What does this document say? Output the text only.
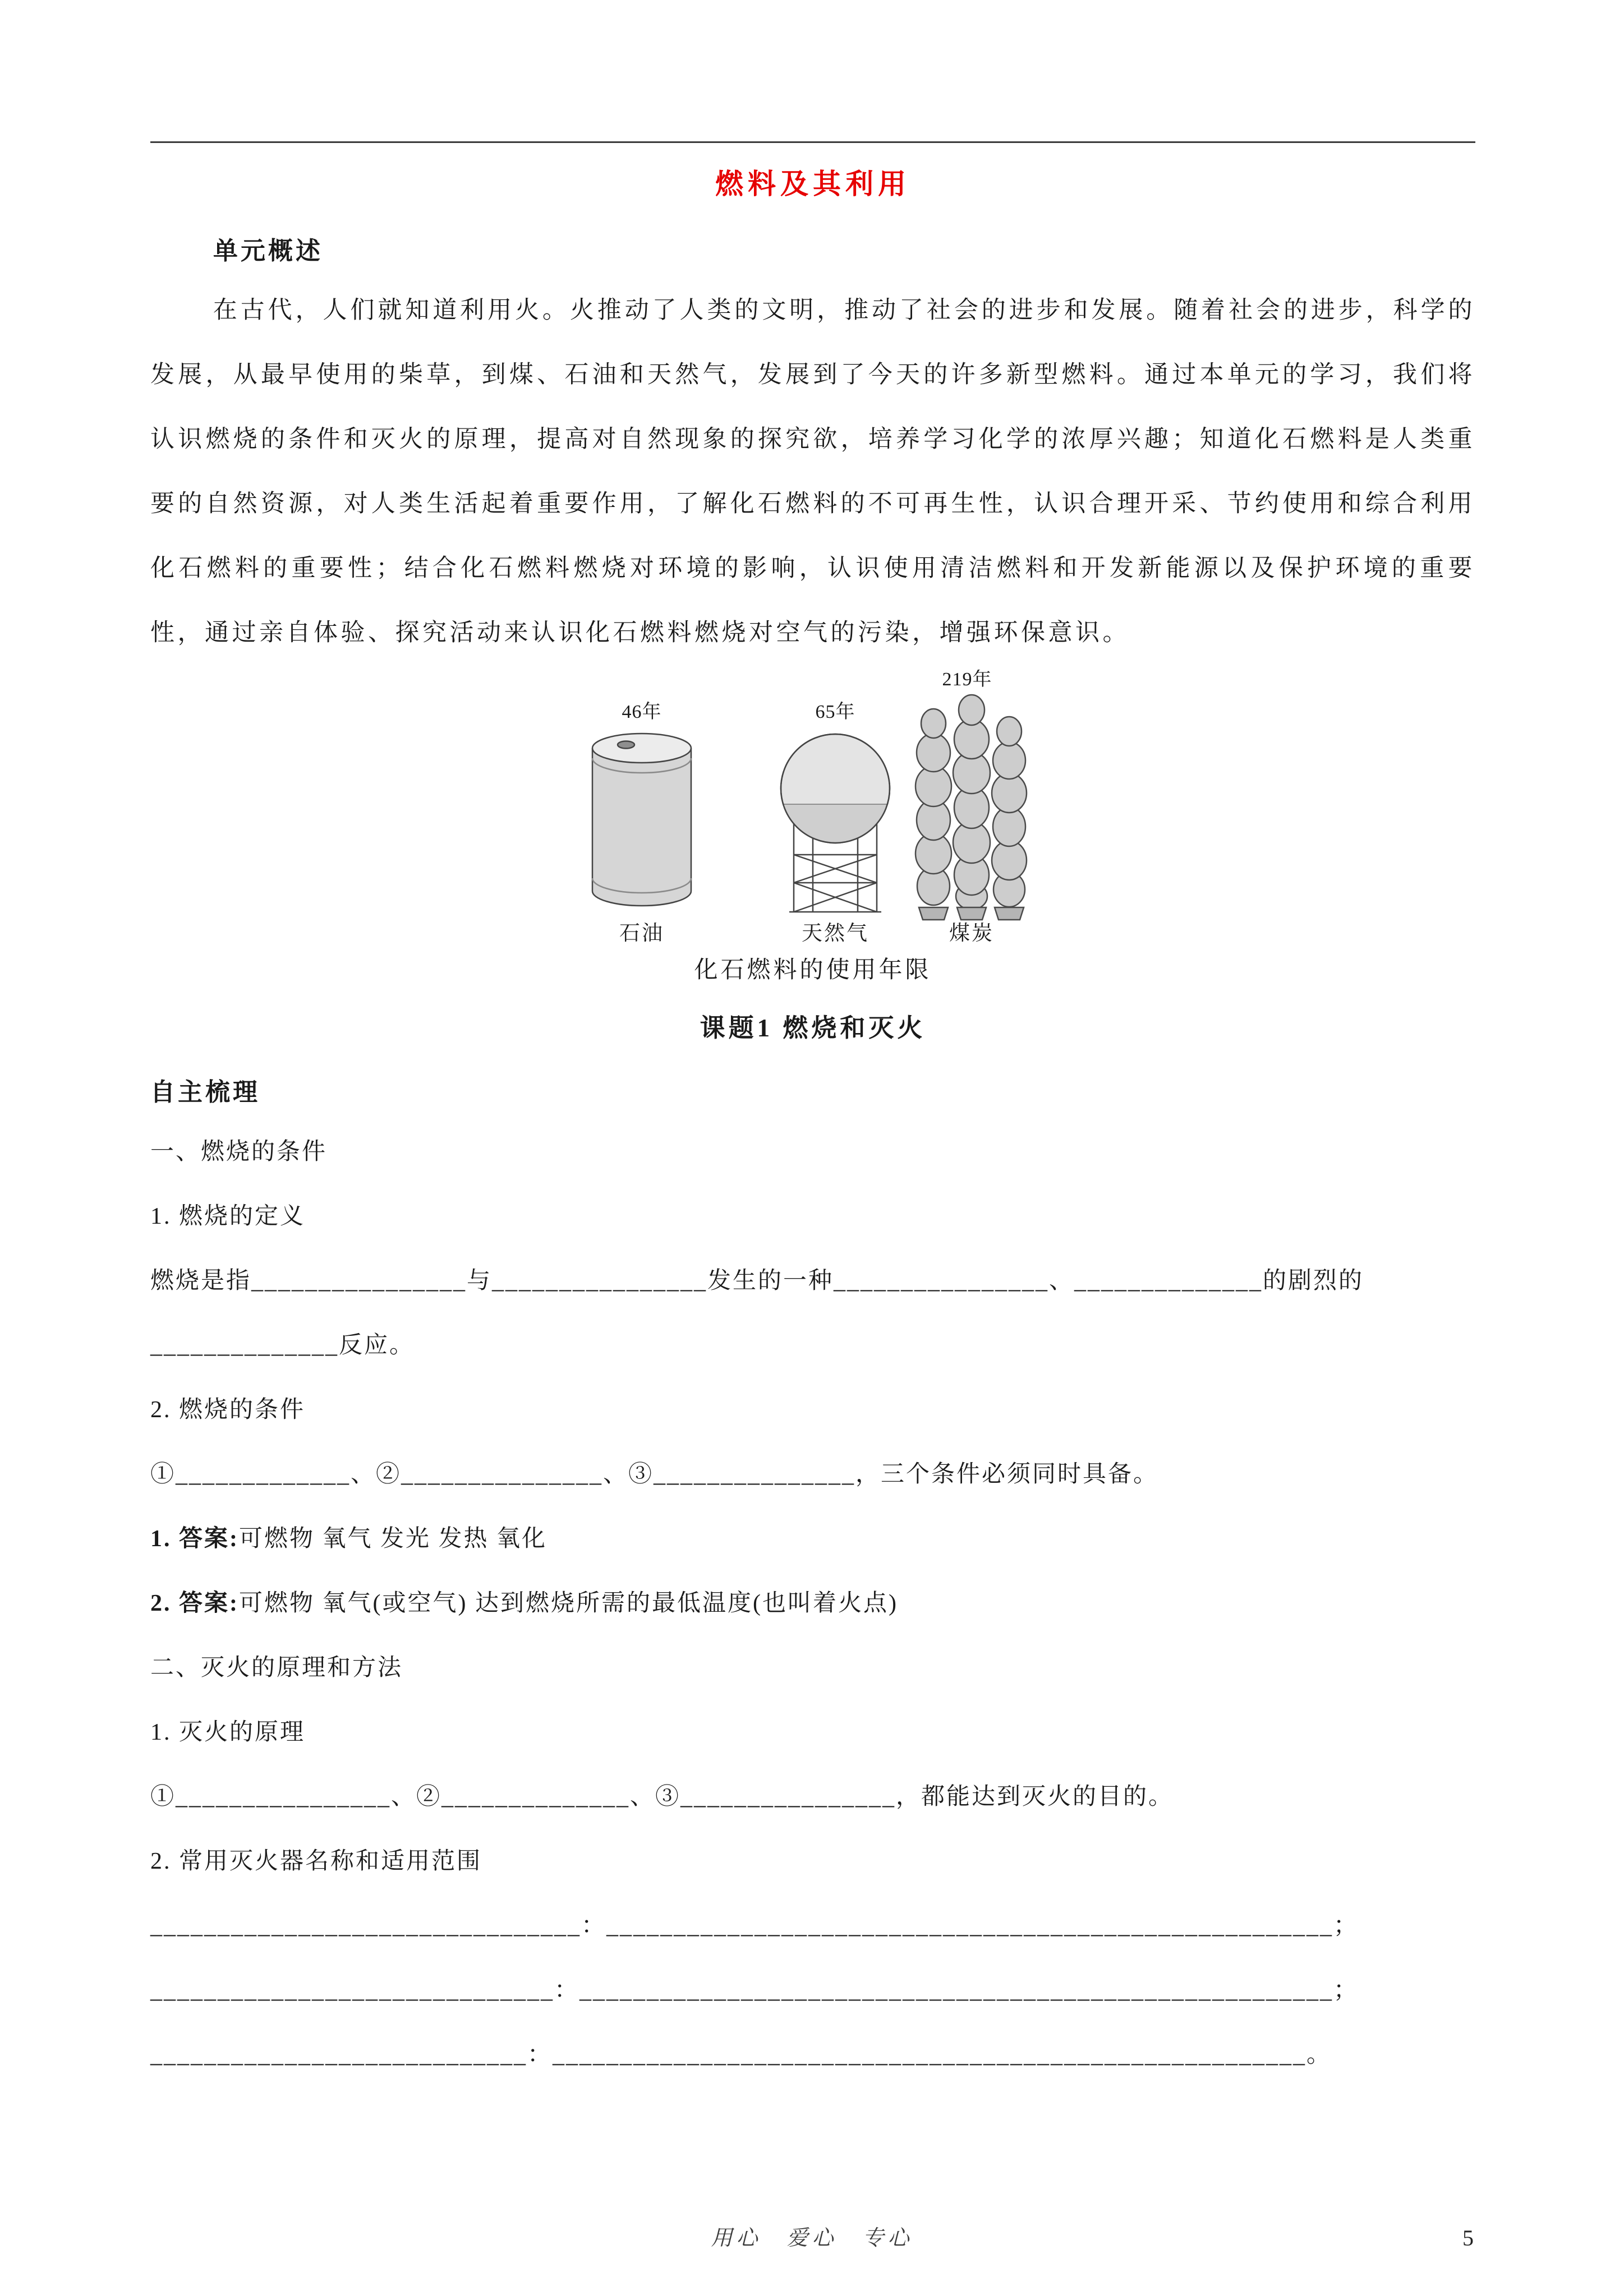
燃料及其利用
单元概述

在古代，人们就知道利用火。火推动了人类的文明，推动了社会的进步和发展。随着社会的进步，科学的发展，从最早使用的柴草，到煤、石油和天然气，发展到了今天的许多新型燃料。通过本单元的学习，我们将认识燃烧的条件和灭火的原理，提高对自然现象的探究欲，培养学习化学的浓厚兴趣；知道化石燃料是人类重要的自然资源，对人类生活起着重要作用，了解化石燃料的不可再生性，认识合理开采、节约使用和综合利用化石燃料的重要性；结合化石燃料燃烧对环境的影响，认识使用清洁燃料和开发新能源以及保护环境的重要性，通过亲自体验、探究活动来认识化石燃料燃烧对空气的污染，增强环保意识。

46年	65年
219年
石油	天然气	煤炭

化石燃料的使用年限

课题1 燃烧和灭火
自主梳理

一、燃烧的条件

1. 燃烧的定义

燃烧是指________________与________________发生的一种________________、______________的剧烈的

______________反应。

2. 燃烧的条件

①_____________、②_______________、③_______________，三个条件必须同时具备。

1. 答案:可燃物 氧气 发光 发热 氧化

2. 答案:可燃物 氧气(或空气) 达到燃烧所需的最低温度(也叫着火点)

二、灭火的原理和方法

1. 灭火的原理

①________________、②______________、③________________，都能达到灭火的目的。

2. 常用灭火器名称和适用范围

________________________________：______________________________________________________；

______________________________：________________________________________________________；

____________________________：________________________________________________________。

用心　爱心　专心	5
